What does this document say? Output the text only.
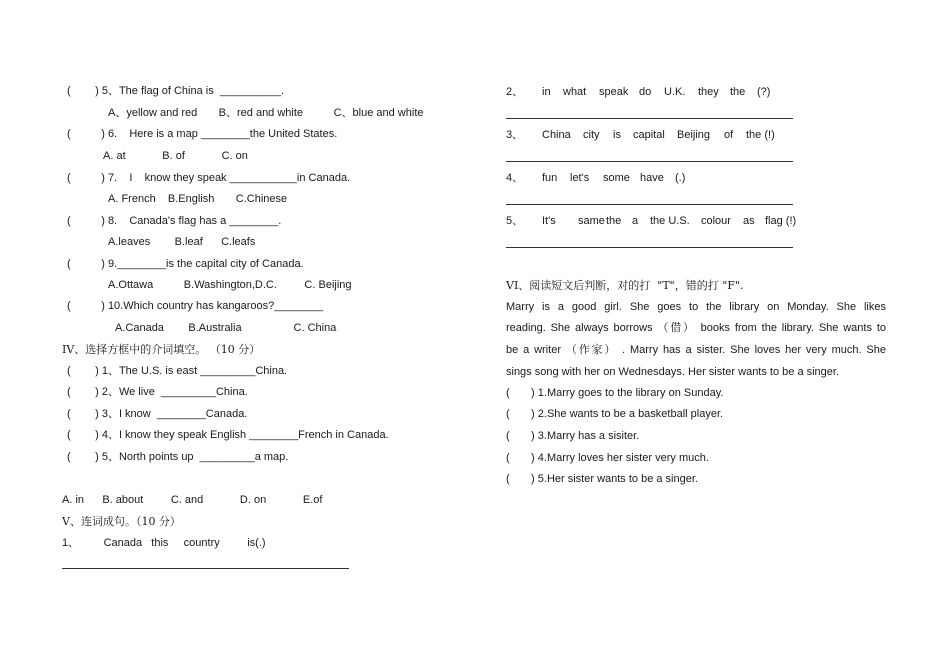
(        ) 5、The flag of China is  __________.
A、yellow and red       B、red and white          C、blue and white
(          ) 6.    Here is a map ________the United States.
A. at            B. of            C. on
(          ) 7.    I    know they speak ___________in Canada.
A. French    B.English       C.Chinese
(          ) 8.    Canada's flag has a ________.
A.leaves        B.leaf      C.leafs
(          ) 9.________is the capital city of Canada.
A.Ottawa          B.Washington,D.C.         C. Beijing
(          ) 10.Which country has kangaroos?________
A.Canada        B.Australia                 C. China
IV、选择方框中的介词填空。 （10 分）
(        ) 1、The U.S. is east _________China.
(        ) 2、We live  _________China.
(        ) 3、I know  ________Canada.
(        ) 4、I know they speak English ________French in Canada.
(        ) 5、North points up  _________a map.
A. in      B. about         C. and            D. on            E.of
V、连词成句。（10 分）
1、        Canada   this     country         is(.)
2、 in what speak do U.K. they the (?)
3、 China city is capital Beijing of the (!)
4、 fun let's some have (.)
5、 It's same the a the U.S. colour as flag (!)
VI、阅读短文后判断，对的打  "T"，错的打 "F".
Marry is a good girl. She goes to the library on Monday. She likes
reading. She always borrows （借） books from the library. She wants to
be a writer （作家） . Marry has a sister. She loves her very much. She
sings song with her on Wednesdays. Her sister wants to be a singer.
(       ) 1.Marry goes to the library on Sunday.
(       ) 2.She wants to be a basketball player.
(       ) 3.Marry has a sisiter.
(       ) 4.Marry loves her sister very much.
(       ) 5.Her sister wants to be a singer.
